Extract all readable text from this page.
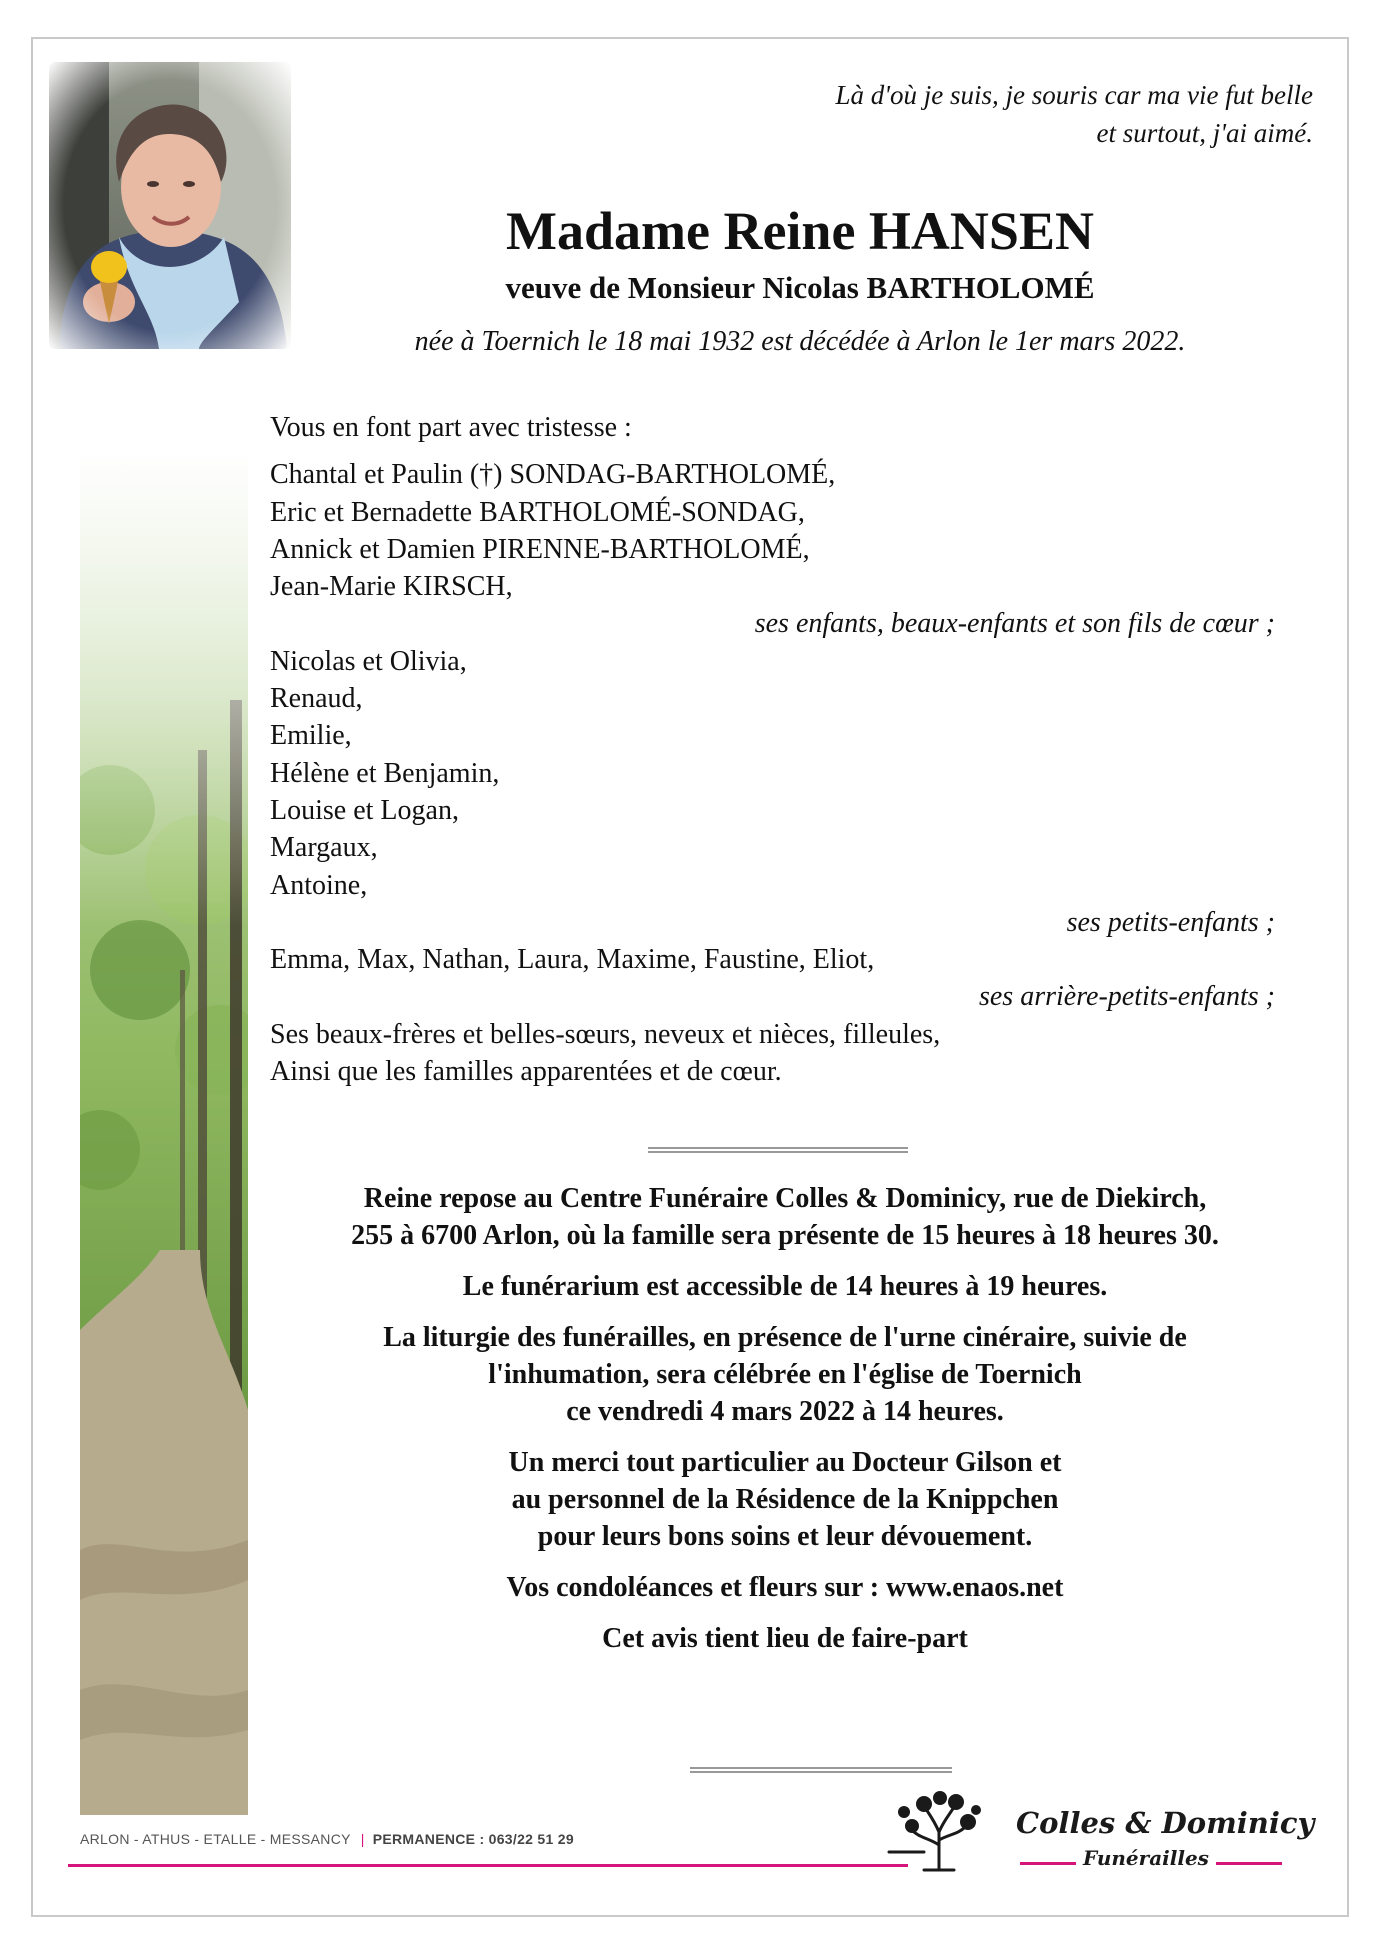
Là d'où je suis, je souris car ma vie fut belle
et surtout, j'ai aimé.
Madame Reine HANSEN
veuve de Monsieur Nicolas BARTHOLOMÉ
née à Toernich le 18 mai 1932 est décédée à Arlon le 1er mars 2022.
Vous en font part avec tristesse :
Chantal et Paulin (†) SONDAG-BARTHOLOMÉ,
Eric et Bernadette BARTHOLOMÉ-SONDAG,
Annick et Damien PIRENNE-BARTHOLOMÉ,
Jean-Marie KIRSCH,
ses enfants, beaux-enfants et son fils de cœur ;
Nicolas et Olivia,
Renaud,
Emilie,
Hélène et Benjamin,
Louise et Logan,
Margaux,
Antoine,
ses petits-enfants ;
Emma, Max, Nathan, Laura, Maxime, Faustine, Eliot,
ses arrière-petits-enfants ;
Ses beaux-frères et belles-sœurs, neveux et nièces, filleules,
Ainsi que les familles apparentées et de cœur.

Reine repose au Centre Funéraire Colles & Dominicy, rue de Diekirch,
255 à 6700 Arlon, où la famille sera présente de 15 heures à 18 heures 30.

Le funérarium est accessible de 14 heures à 19 heures.

La liturgie des funérailles, en présence de l'urne cinéraire, suivie de
l'inhumation, sera célébrée en l'église de Toernich
ce vendredi 4 mars 2022 à 14 heures.

Un merci tout particulier au Docteur Gilson et
au personnel de la Résidence de la Knippchen
pour leurs bons soins et leur dévouement.

Vos condoléances et fleurs sur : www.enaos.net

Cet avis tient lieu de faire-part

ARLON - ATHUS - ETALLE - MESSANCY | PERMANENCE : 063/22 51 29	Colles & Dominicy
Funérailles
